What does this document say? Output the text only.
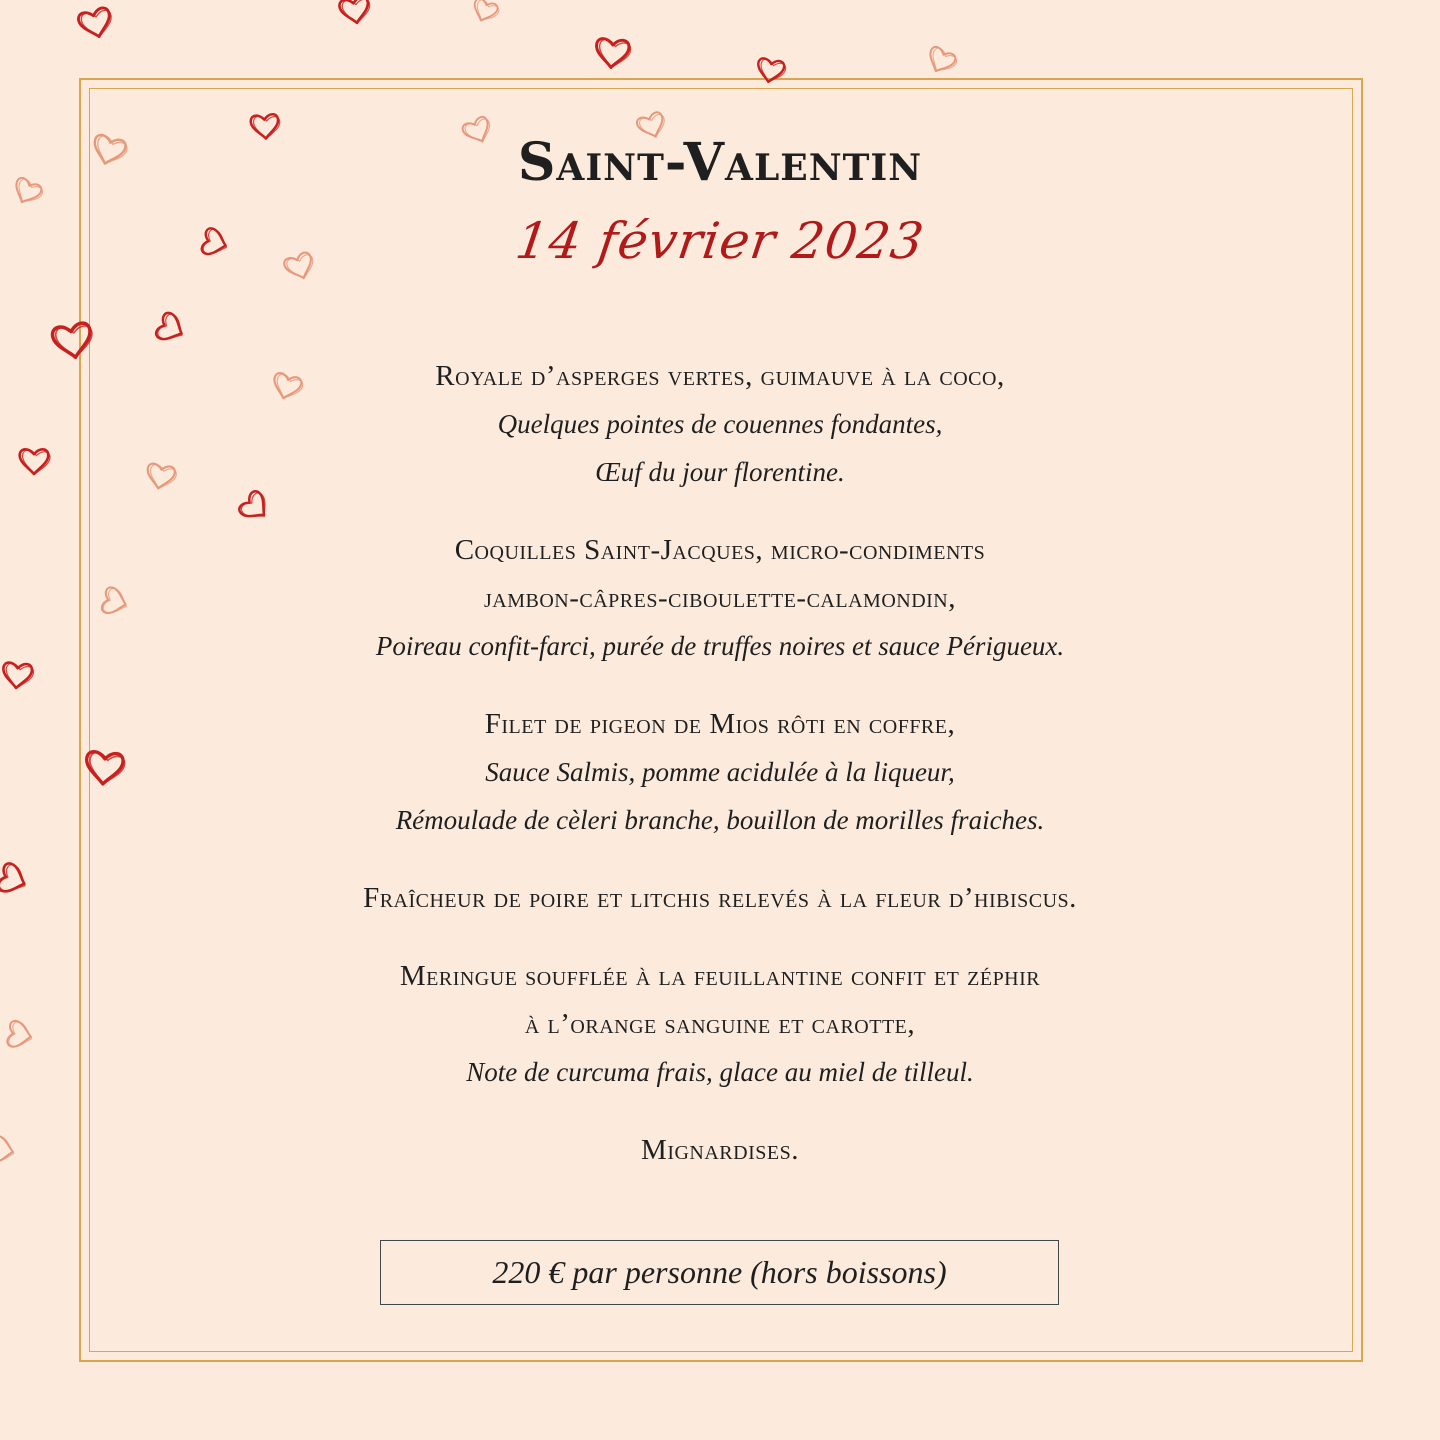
Saint-Valentin
14 février 2023
Royale d’asperges vertes, guimauve à la coco,
Quelques pointes de couennes fondantes,
Œuf du jour florentine.
Coquilles Saint-Jacques, micro-condiments
jambon-câpres-ciboulette-calamondin,
Poireau confit-farci, purée de truffes noires et sauce Périgueux.
Filet de pigeon de Mios rôti en coffre,
Sauce Salmis, pomme acidulée à la liqueur,
Rémoulade de cèleri branche, bouillon de morilles fraiches.
Fraîcheur de poire et litchis relevés à la fleur d’hibiscus.
Meringue soufflée à la feuillantine confit et zéphir
à l’orange sanguine et carotte,
Note de curcuma frais, glace au miel de tilleul.
Mignardises.
220 € par personne (hors boissons)
